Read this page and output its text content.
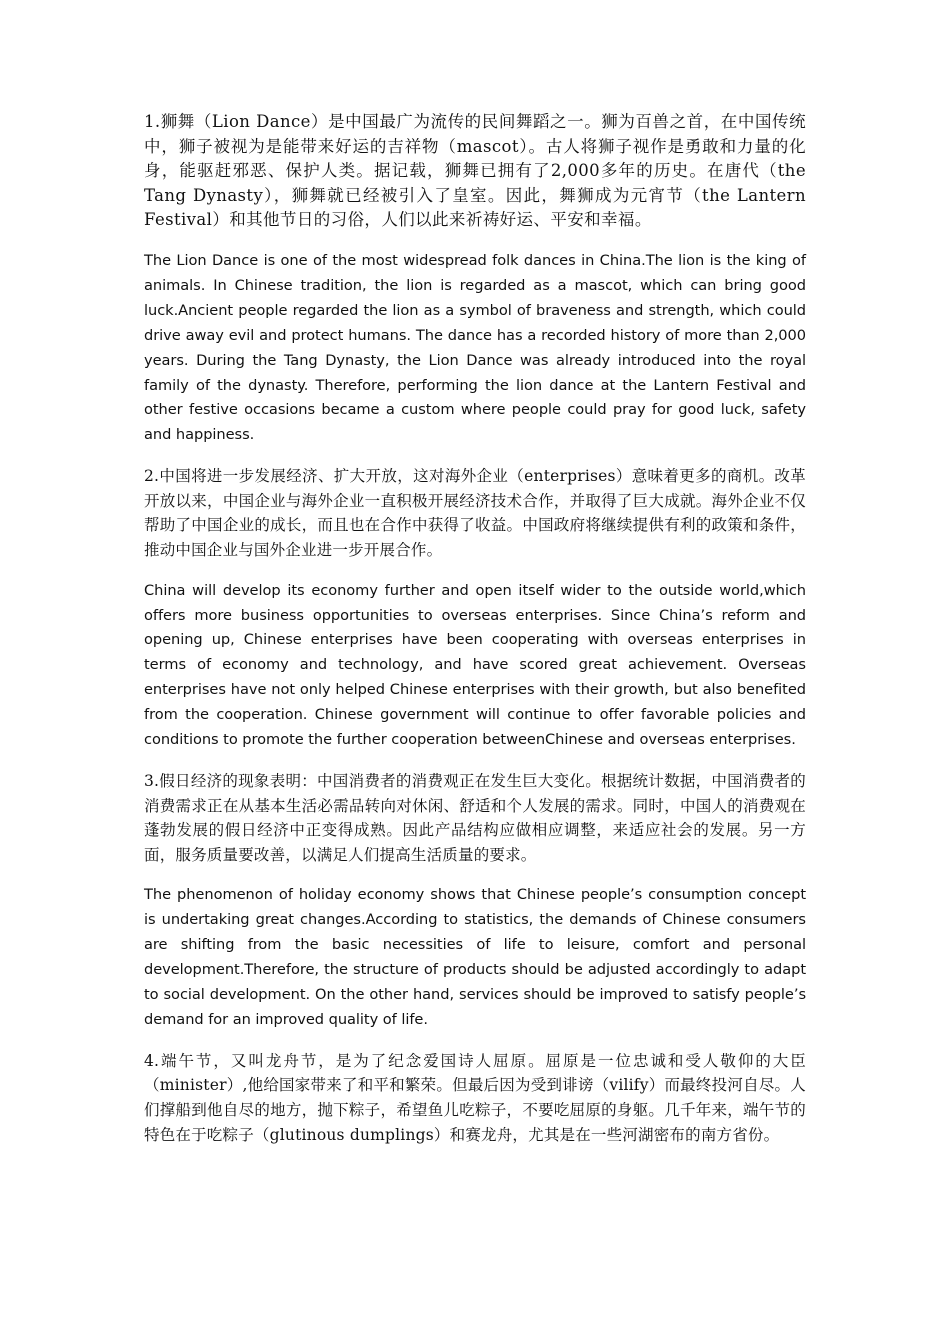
1.狮舞（Lion Dance）是中国最广为流传的民间舞蹈之一。狮为百兽之首，在中国传统中，狮子被视为是能带来好运的吉祥物（mascot）。古人将狮子视作是勇敢和力量的化身，能驱赶邪恶、保护人类。据记载，狮舞已拥有了2,000多年的历史。在唐代（the Tang Dynasty），狮舞就已经被引入了皇室。因此，舞狮成为元宵节（the Lantern Festival）和其他节日的习俗，人们以此来祈祷好运、平安和幸福。

The Lion Dance is one of the most widespread folk dances in China.The lion is the king of animals. In Chinese tradition, the lion is regarded as a mascot, which can bring good luck.Ancient people regarded the lion as a symbol of braveness and strength, which could drive away evil and protect humans. The dance has a recorded history of more than 2,000 years. During the Tang Dynasty, the Lion Dance was already introduced into the royal family of the dynasty. Therefore, performing the lion dance at the Lantern Festival and other festive occasions became a custom where people could pray for good luck, safety and happiness.

2.中国将进一步发展经济、扩大开放，这对海外企业（enterprises）意味着更多的商机。改革开放以来，中国企业与海外企业一直积极开展经济技术合作，并取得了巨大成就。海外企业不仅帮助了中国企业的成长，而且也在合作中获得了收益。中国政府将继续提供有利的政策和条件，推动中国企业与国外企业进一步开展合作。

China will develop its economy further and open itself wider to the outside world,which offers more business opportunities to overseas enterprises. Since China’s reform and opening up, Chinese enterprises have been cooperating with overseas enterprises in terms of economy and technology, and have scored great achievement. Overseas enterprises have not only helped Chinese enterprises with their growth, but also benefited from the cooperation. Chinese government will continue to offer favorable policies and conditions to promote the further cooperation betweenChinese and overseas enterprises.

3.假日经济的现象表明：中国消费者的消费观正在发生巨大变化。根据统计数据，中国消费者的消费需求正在从基本生活必需品转向对休闲、舒适和个人发展的需求。同时，中国人的消费观在蓬勃发展的假日经济中正变得成熟。因此产品结构应做相应调整，来适应社会的发展。另一方面，服务质量要改善，以满足人们提高生活质量的要求。

The phenomenon of holiday economy shows that Chinese people’s consumption concept is undertaking great changes.According to statistics, the demands of Chinese consumers are shifting from the basic necessities of life to leisure, comfort and personal development.Therefore, the structure of products should be adjusted accordingly to adapt to social development. On the other hand, services should be improved to satisfy people’s demand for an improved quality of life.

4.端午节，又叫龙舟节，是为了纪念爱国诗人屈原。屈原是一位忠诚和受人敬仰的大臣（minister）,他给国家带来了和平和繁荣。但最后因为受到诽谤（vilify）而最终投河自尽。人们撑船到他自尽的地方，抛下粽子，希望鱼儿吃粽子，不要吃屈原的身躯。几千年来，端午节的特色在于吃粽子（glutinous dumplings）和赛龙舟，尤其是在一些河湖密布的南方省份。
